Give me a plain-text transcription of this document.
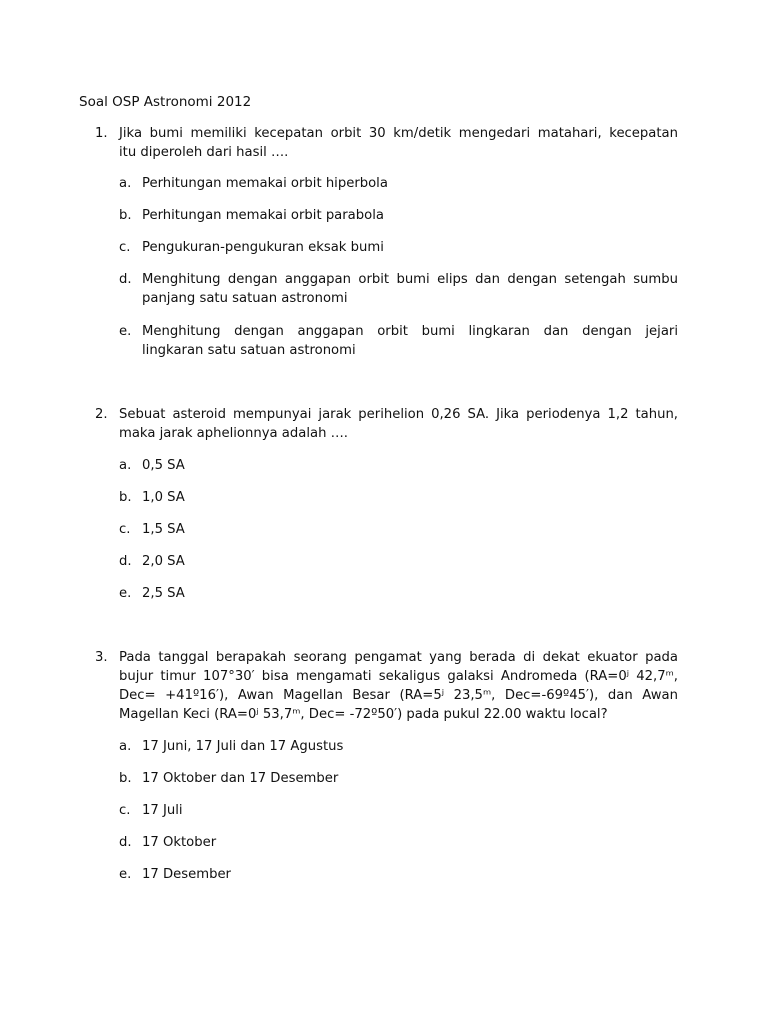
Soal OSP Astronomi 2012
1. Jika bumi memiliki kecepatan orbit 30 km/detik mengedari matahari, kecepatan
itu diperoleh dari hasil ….
a. Perhitungan memakai orbit hiperbola
b. Perhitungan memakai orbit parabola
c. Pengukuran-pengukuran eksak bumi
d. Menghitung dengan anggapan orbit bumi elips dan dengan setengah sumbu
panjang satu satuan astronomi
e. Menghitung dengan anggapan orbit bumi lingkaran dan dengan jejari
lingkaran satu satuan astronomi
2. Sebuat asteroid mempunyai jarak perihelion 0,26 SA. Jika periodenya 1,2 tahun,
maka jarak aphelionnya adalah ….
a. 0,5 SA
b. 1,0 SA
c. 1,5 SA
d. 2,0 SA
e. 2,5 SA
3. Pada tanggal berapakah seorang pengamat yang berada di dekat ekuator pada
bujur timur 107°30′ bisa mengamati sekaligus galaksi Andromeda (RA=0ʲ 42,7ᵐ,
Dec= +41º16′), Awan Magellan Besar (RA=5ʲ 23,5ᵐ, Dec=-69º45′), dan Awan
Magellan Keci (RA=0ʲ 53,7ᵐ, Dec= -72º50′) pada pukul 22.00 waktu local?
a. 17 Juni, 17 Juli dan 17 Agustus
b. 17 Oktober dan 17 Desember
c. 17 Juli
d. 17 Oktober
e. 17 Desember
